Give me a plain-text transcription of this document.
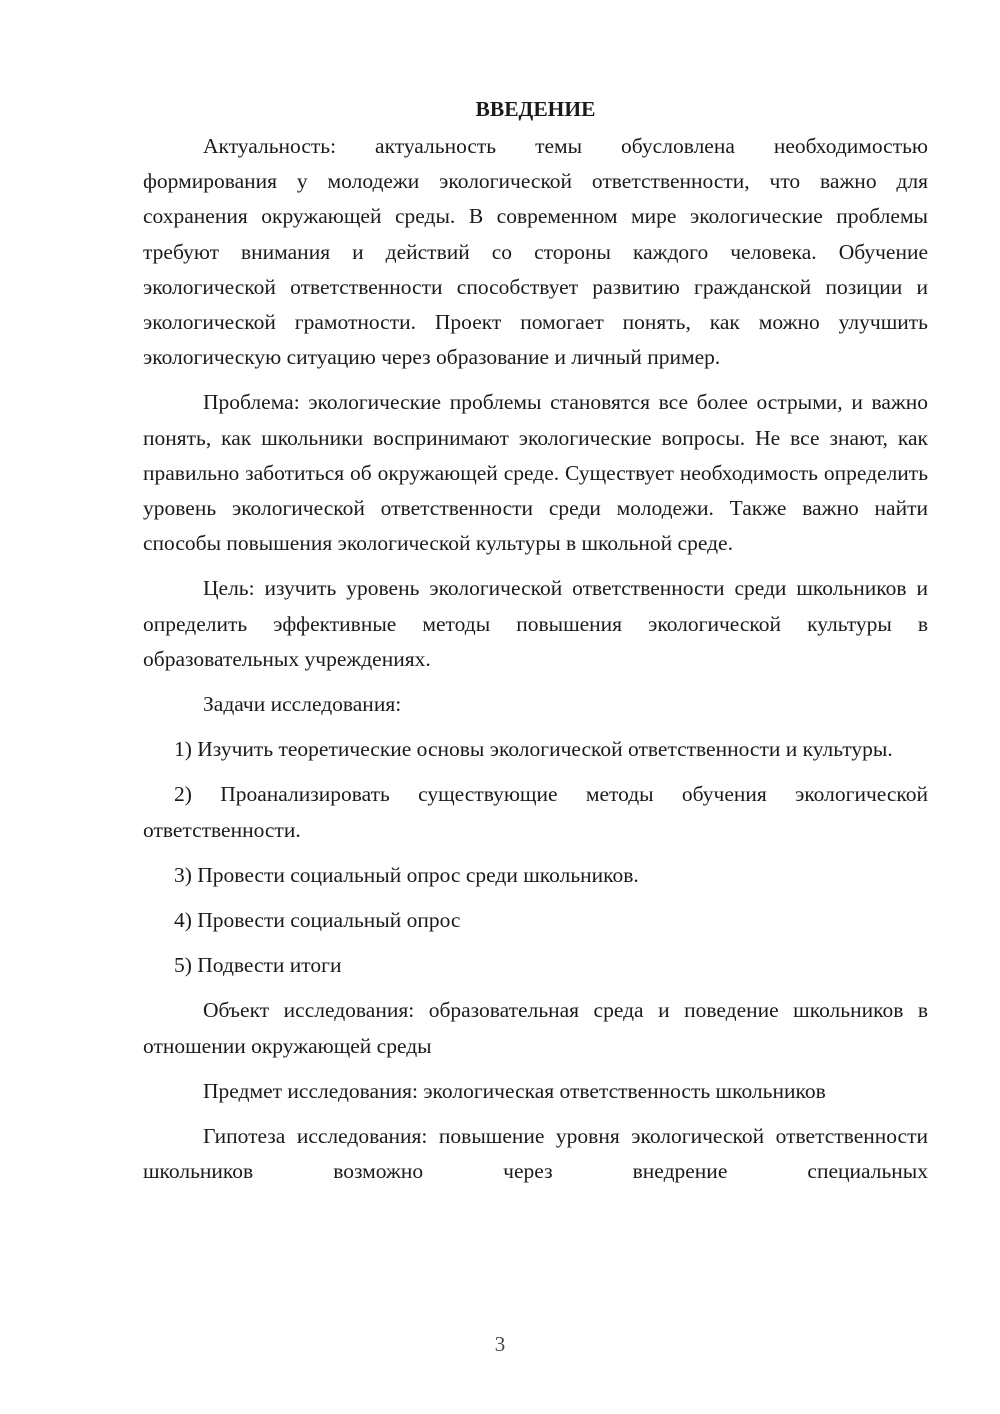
ВВЕДЕНИЕ

Актуальность: актуальность темы обусловлена необходимостью формирования у молодежи экологической ответственности, что важно для сохранения окружающей среды. В современном мире экологические проблемы требуют внимания и действий со стороны каждого человека. Обучение экологической ответственности способствует развитию гражданской позиции и экологической грамотности. Проект помогает понять, как можно улучшить экологическую ситуацию через образование и личный пример.

Проблема: экологические проблемы становятся все более острыми, и важно понять, как школьники воспринимают экологические вопросы. Не все знают, как правильно заботиться об окружающей среде. Существует необходимость определить уровень экологической ответственности среди молодежи. Также важно найти способы повышения экологической культуры в школьной среде.

Цель: изучить уровень экологической ответственности среди школьников и определить эффективные методы повышения экологической культуры в образовательных учреждениях.

Задачи исследования:

1) Изучить теоретические основы экологической ответственности и культуры.

2) Проанализировать существующие методы обучения экологической ответственности.

3) Провести социальный опрос среди школьников.

4) Провести социальный опрос

5) Подвести итоги

Объект исследования: образовательная среда и поведение школьников в отношении окружающей среды

Предмет исследования: экологическая ответственность школьников

Гипотеза исследования: повышение уровня экологической ответственности школьников возможно через внедрение специальных

3
